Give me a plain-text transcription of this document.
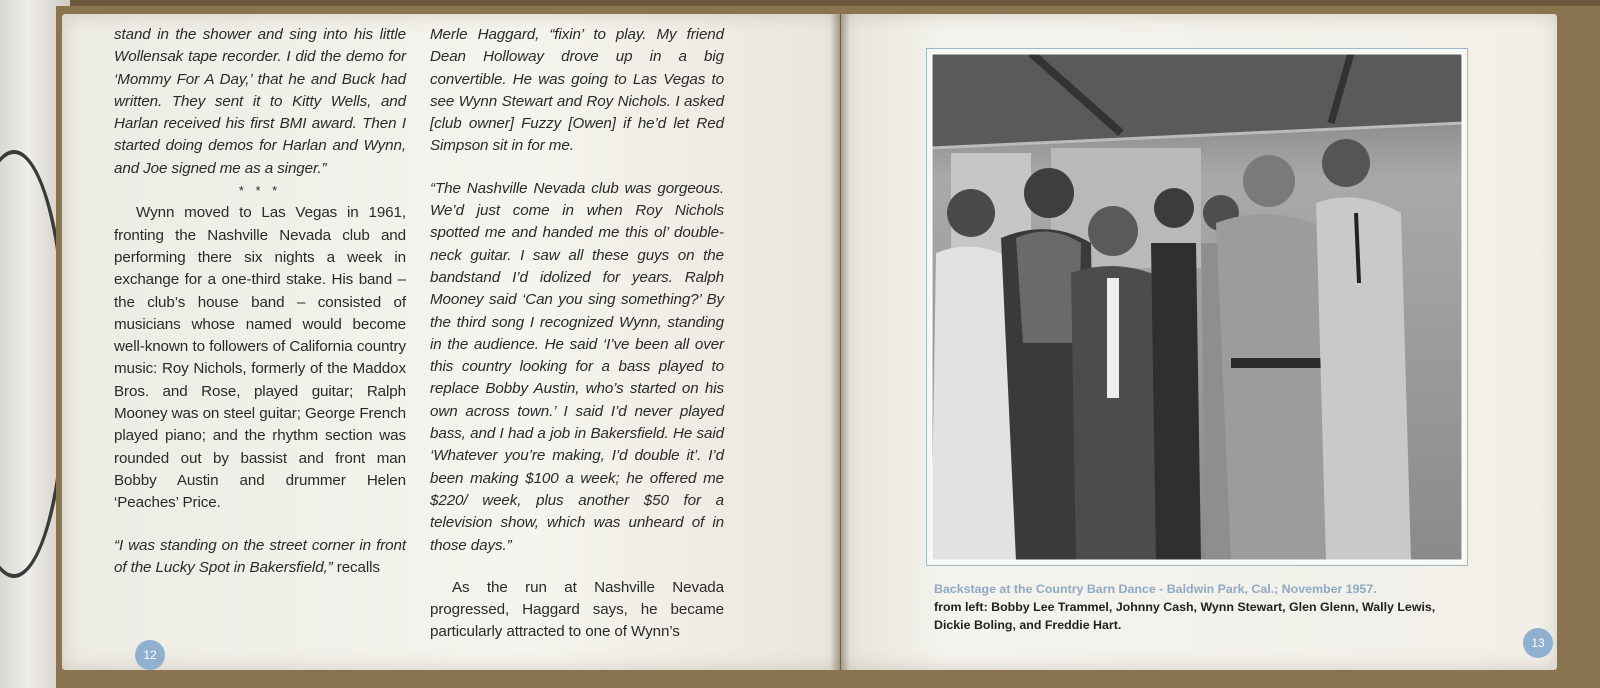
stand in the shower and sing into his little Wollensak tape recorder. I did the demo for ‘Mommy For A Day,’ that he and Buck had written. They sent it to Kitty Wells, and Harlan received his first BMI award. Then I started doing demos for Harlan and Wynn, and Joe signed me as a singer.”

* * *

Wynn moved to Las Vegas in 1961, fronting the Nashville Nevada club and performing there six nights a week in exchange for a one-third stake. His band – the club’s house band – consisted of musicians whose named would become well-known to followers of California country music: Roy Nichols, formerly of the Maddox Bros. and Rose, played guitar; Ralph Mooney was on steel guitar; George French played piano; and the rhythm section was rounded out by bassist and front man Bobby Austin and drummer Helen ‘Peaches’ Price.

“I was standing on the street corner in front of the Lucky Spot in Bakersfield,” recalls

Merle Haggard, “fixin’ to play. My friend Dean Holloway drove up in a big convertible. He was going to Las Vegas to see Wynn Stewart and Roy Nichols. I asked [club owner] Fuzzy [Owen] if he’d let Red Simpson sit in for me.

“The Nashville Nevada club was gorgeous. We’d just come in when Roy Nichols spotted me and handed me this ol’ double-neck guitar. I saw all these guys on the bandstand I’d idolized for years. Ralph Mooney said ‘Can you sing something?’ By the third song I recognized Wynn, standing in the audience. He said ‘I’ve been all over this country looking for a bass played to replace Bobby Austin, who’s started on his own across town.’ I said I’d never played bass, and I had a job in Bakersfield. He said ‘Whatever you’re making, I’d double it’. I’d been making $100 a week; he offered me $220/ week, plus another $50 for a television show, which was unheard of in those days.”

As the run at Nashville Nevada progressed, Haggard says, he became particularly attracted to one of Wynn’s

12
Backstage at the Country Barn Dance - Baldwin Park, Cal.; November 1957.
from left: Bobby Lee Trammel, Johnny Cash, Wynn Stewart, Glen Glenn, Wally Lewis, Dickie Boling, and Freddie Hart.
13
